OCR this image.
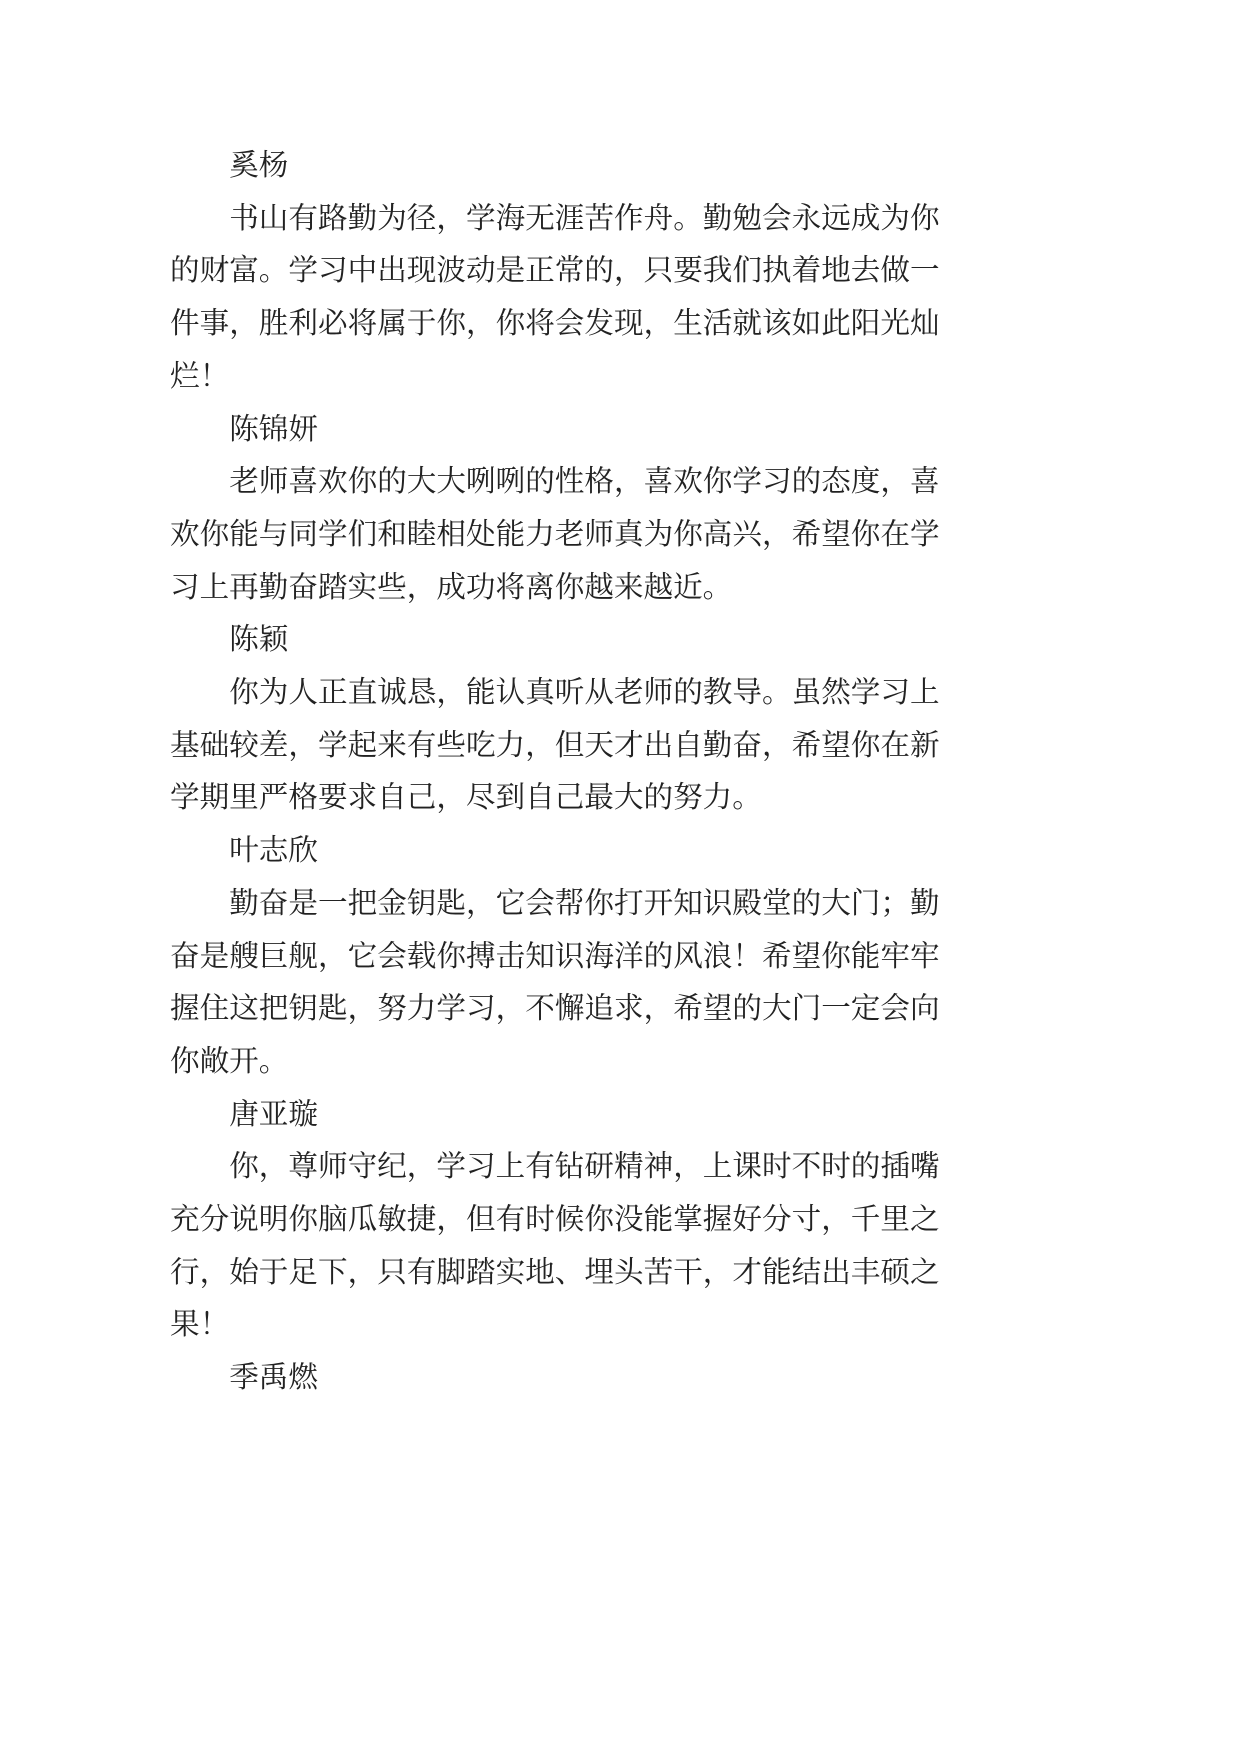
奚杨

书山有路勤为径，学海无涯苦作舟。勤勉会永远成为你的财富。学习中出现波动是正常的，只要我们执着地去做一件事，胜利必将属于你，你将会发现，生活就该如此阳光灿烂！

陈锦妍

老师喜欢你的大大咧咧的性格，喜欢你学习的态度，喜欢你能与同学们和睦相处能力老师真为你高兴，希望你在学习上再勤奋踏实些，成功将离你越来越近。

陈颖

你为人正直诚恳，能认真听从老师的教导。虽然学习上基础较差，学起来有些吃力，但天才出自勤奋，希望你在新学期里严格要求自己，尽到自己最大的努力。

叶志欣

勤奋是一把金钥匙，它会帮你打开知识殿堂的大门；勤奋是艘巨舰，它会载你搏击知识海洋的风浪！希望你能牢牢握住这把钥匙，努力学习，不懈追求，希望的大门一定会向你敞开。

唐亚璇

你，尊师守纪，学习上有钻研精神，上课时不时的插嘴充分说明你脑瓜敏捷，但有时候你没能掌握好分寸，千里之行，始于足下，只有脚踏实地、埋头苦干，才能结出丰硕之果！

季禹燃
